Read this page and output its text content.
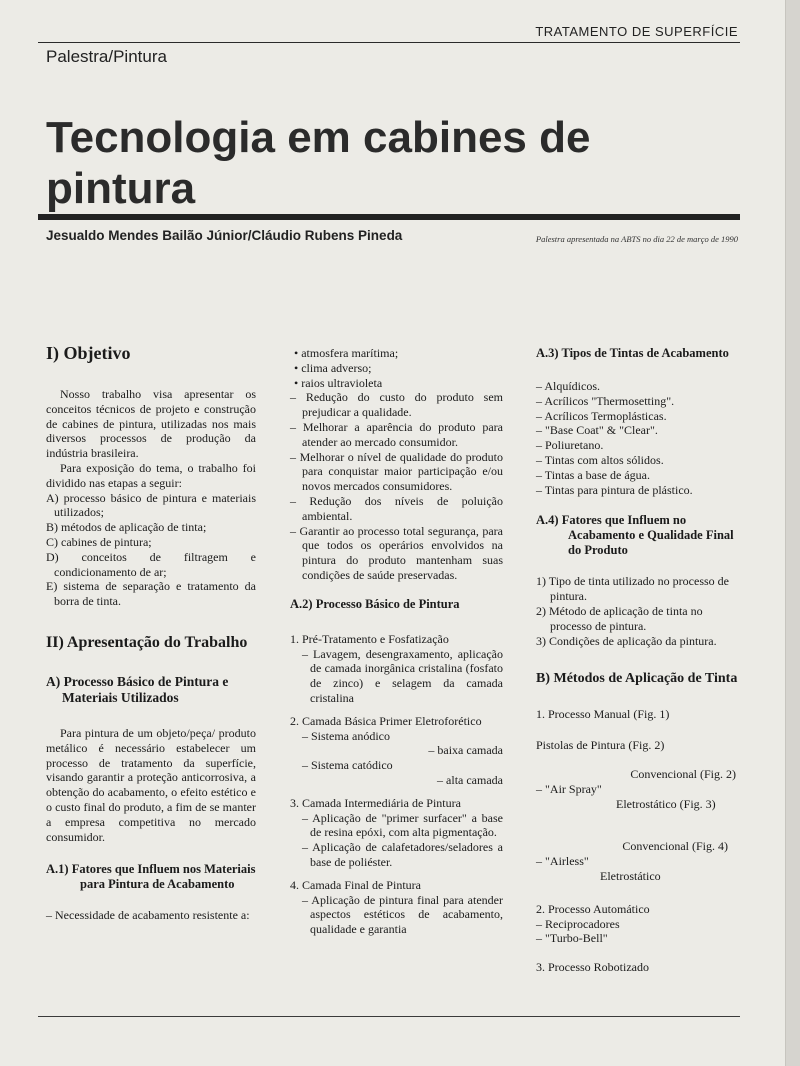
TRATAMENTO DE SUPERFÍCIE
Palestra/Pintura
Tecnologia em cabines de pintura
Jesualdo Mendes Bailão Júnior/Cláudio Rubens Pineda	Palestra apresentada na ABTS no dia 22 de março de 1990
I) Objetivo

Nosso trabalho visa apresentar os conceitos técnicos de projeto e construção de cabines de pintura, utilizadas nos mais diversos processos de produção da indústria brasileira.

Para exposição do tema, o trabalho foi dividido nas etapas a seguir:

A) processo básico de pintura e materiais utilizados;

B) métodos de aplicação de tinta;

C) cabines de pintura;

D) conceitos de filtragem e condicionamento de ar;

E) sistema de separação e tratamento da borra de tinta.

II) Apresentação do Trabalho
A) Processo Básico de Pintura e Materiais Utilizados

Para pintura de um objeto/peça/ produto metálico é necessário estabelecer um processo de tratamento da superfície, visando garantir a proteção anticorrosiva, a obtenção do acabamento, o efeito estético e o custo final do produto, a fim de se manter a empresa competitiva no mercado consumidor.

A.1) Fatores que Influem nos Materiais para Pintura de Acabamento

– Necessidade de acabamento resistente a:

• atmosfera marítima;

• clima adverso;

• raios ultravioleta

– Redução do custo do produto sem prejudicar a qualidade.

– Melhorar a aparência do produto para atender ao mercado consumidor.

– Melhorar o nível de qualidade do produto para conquistar maior participação e/ou novos mercados consumidores.

– Redução dos níveis de poluição ambiental.

– Garantir ao processo total segurança, para que todos os operários envolvidos na pintura do produto mantenham suas condições de saúde preservadas.

A.2) Processo Básico de Pintura

1. Pré-Tratamento e Fosfatização

– Lavagem, desengraxamento, aplicação de camada inorgânica cristalina (fosfato de zinco) e selagem da camada cristalina

2. Camada Básica Primer Eletroforético

– Sistema anódico

– baixa camada

– Sistema catódico

– alta camada

3. Camada Intermediária de Pintura

– Aplicação de "primer surfacer" a base de resina epóxi, com alta pigmentação.

– Aplicação de calafetadores/seladores a base de poliéster.

4. Camada Final de Pintura

– Aplicação de pintura final para atender aspectos estéticos de acabamento, qualidade e garantia

A.3) Tipos de Tintas de Acabamento

– Alquídicos.

– Acrílicos "Thermosetting".

– Acrílicos Termoplásticas.

– "Base Coat" & "Clear".

– Poliuretano.

– Tintas com altos sólidos.

– Tintas a base de água.

– Tintas para pintura de plástico.

A.4) Fatores que Influem no Acabamento e Qualidade Final do Produto

1) Tipo de tinta utilizado no processo de pintura.

2) Método de aplicação de tinta no processo de pintura.

3) Condições de aplicação da pintura.

B) Métodos de Aplicação de Tinta

1. Processo Manual (Fig. 1)

Pistolas de Pintura (Fig. 2)

Convencional (Fig. 2)

– "Air Spray"

Eletrostático (Fig. 3)

Convencional (Fig. 4)

– "Airless"

Eletrostático

2. Processo Automático

– Reciprocadores

– "Turbo-Bell"

3. Processo Robotizado
